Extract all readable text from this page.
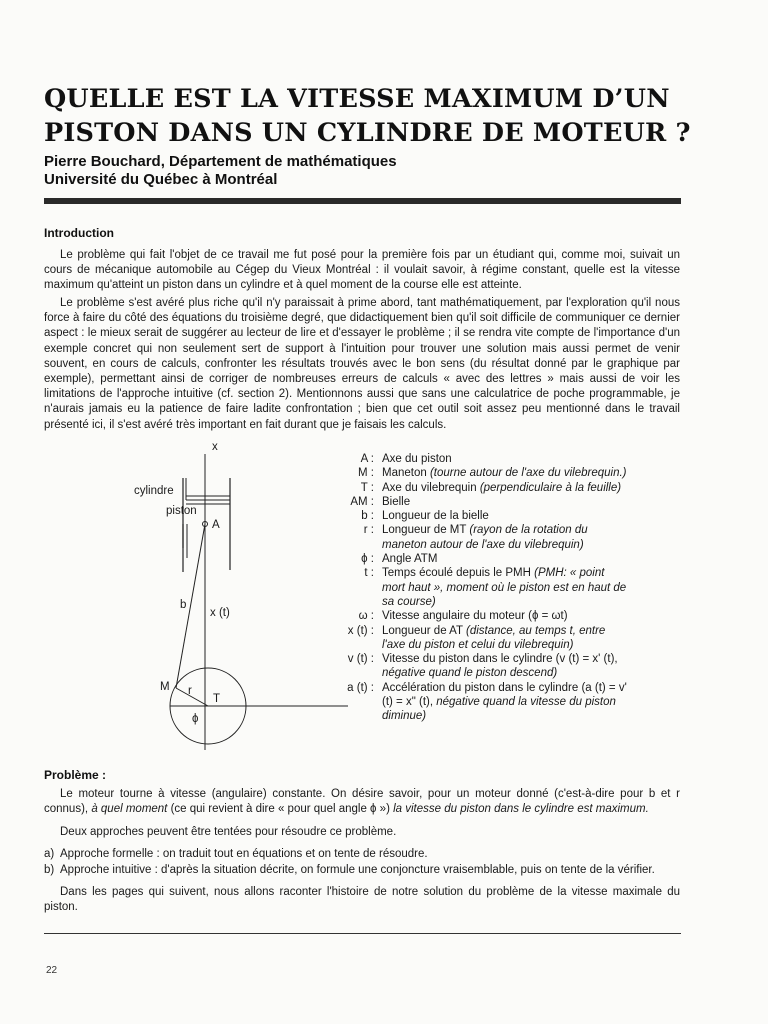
QUELLE EST LA VITESSE MAXIMUM D’UN
PISTON DANS UN CYLINDRE DE MOTEUR ?
Pierre Bouchard, Département de mathématiques
Université du Québec à Montréal
Introduction

Le problème qui fait l'objet de ce travail me fut posé pour la première fois par un étudiant qui, comme moi, suivait un cours de mécanique automobile au Cégep du Vieux Montréal : il voulait savoir, à régime constant, quelle est la vitesse maximum qu'atteint un piston dans un cylindre et à quel moment de la course elle est atteinte.

Le problème s'est avéré plus riche qu'il n'y paraissait à prime abord, tant mathématiquement, par l'exploration qu'il nous force à faire du côté des équations du troisième degré, que didactiquement bien qu'il soit difficile de communiquer ce dernier aspect : le mieux serait de suggérer au lecteur de lire et d'essayer le problème ; il se rendra vite compte de l'importance d'un exemple concret qui non seulement sert de support à l'intuition pour trouver une solution mais aussi permet de venir souvent, en cours de calculs, confronter les résultats trouvés avec le bon sens (du résultat donné par le graphique par exemple), permettant ainsi de corriger de nombreuses erreurs de calculs « avec des lettres » mais aussi de voir les limitations de l'approche intuitive (cf. section 2). Mentionnons aussi que sans une calculatrice de poche programmable, je n'aurais jamais eu la patience de faire ladite confrontation ; bien que cet outil soit assez peu mentionné dans le travail présenté ici, il s'est avéré très important en fait durant que je faisais les calculs.

x
cylindre
piston
A
b
x (t)
M r
T
ϕ
A : Axe du piston
M : Maneton (tourne autour de l'axe du vilebrequin.)
T : Axe du vilebrequin (perpendiculaire à la feuille)
AM : Bielle
b : Longueur de la bielle
r : Longueur de MT (rayon de la rotation du maneton autour de l'axe du vilebrequin)
ϕ : Angle ATM
t : Temps écoulé depuis le PMH (PMH: « point mort haut », moment où le piston est en haut de sa course)
ω : Vitesse angulaire du moteur (ϕ = ωt)
x (t) : Longueur de AT (distance, au temps t, entre l'axe du piston et celui du vilebrequin)
v (t) : Vitesse du piston dans le cylindre (v (t) = x' (t), négative quand le piston descend)
a (t) : Accélération du piston dans le cylindre (a (t) = v' (t) = x" (t), négative quand la vitesse du piston diminue)
Problème :

Le moteur tourne à vitesse (angulaire) constante. On désire savoir, pour un moteur donné (c'est-à-dire pour b et r connus), à quel moment (ce qui revient à dire « pour quel angle ϕ ») la vitesse du piston dans le cylindre est maximum.

Deux approches peuvent être tentées pour résoudre ce problème.

a) Approche formelle : on traduit tout en équations et on tente de résoudre.
b) Approche intuitive : d'après la situation décrite, on formule une conjoncture vraisemblable, puis on tente de la vérifier.

Dans les pages qui suivent, nous allons raconter l'histoire de notre solution du problème de la vitesse maximale du piston.

22
